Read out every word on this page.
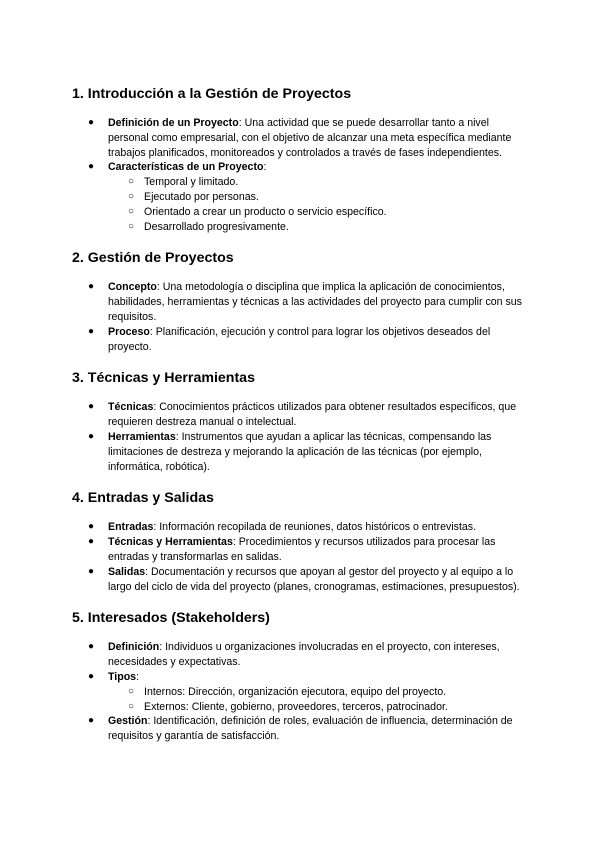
1. Introducción a la Gestión de Proyectos
● Definición de un Proyecto: Una actividad que se puede desarrollar tanto a nivel personal como empresarial, con el objetivo de alcanzar una meta específica mediante trabajos planificados, monitoreados y controlados a través de fases independientes.
● Características de un Proyecto:
○ Temporal y limitado.
○ Ejecutado por personas.
○ Orientado a crear un producto o servicio específico.
○ Desarrollado progresivamente.
2. Gestión de Proyectos
● Concepto: Una metodología o disciplina que implica la aplicación de conocimientos, habilidades, herramientas y técnicas a las actividades del proyecto para cumplir con sus requisitos.
● Proceso: Planificación, ejecución y control para lograr los objetivos deseados del proyecto.
3. Técnicas y Herramientas
● Técnicas: Conocimientos prácticos utilizados para obtener resultados específicos, que requieren destreza manual o intelectual.
● Herramientas: Instrumentos que ayudan a aplicar las técnicas, compensando las limitaciones de destreza y mejorando la aplicación de las técnicas (por ejemplo, informática, robótica).
4. Entradas y Salidas
● Entradas: Información recopilada de reuniones, datos históricos o entrevistas.
● Técnicas y Herramientas: Procedimientos y recursos utilizados para procesar las entradas y transformarlas en salidas.
● Salidas: Documentación y recursos que apoyan al gestor del proyecto y al equipo a lo largo del ciclo de vida del proyecto (planes, cronogramas, estimaciones, presupuestos).
5. Interesados (Stakeholders)
● Definición: Individuos u organizaciones involucradas en el proyecto, con intereses, necesidades y expectativas.
● Tipos:
○ Internos: Dirección, organización ejecutora, equipo del proyecto.
○ Externos: Cliente, gobierno, proveedores, terceros, patrocinador.
● Gestión: Identificación, definición de roles, evaluación de influencia, determinación de requisitos y garantía de satisfacción.
